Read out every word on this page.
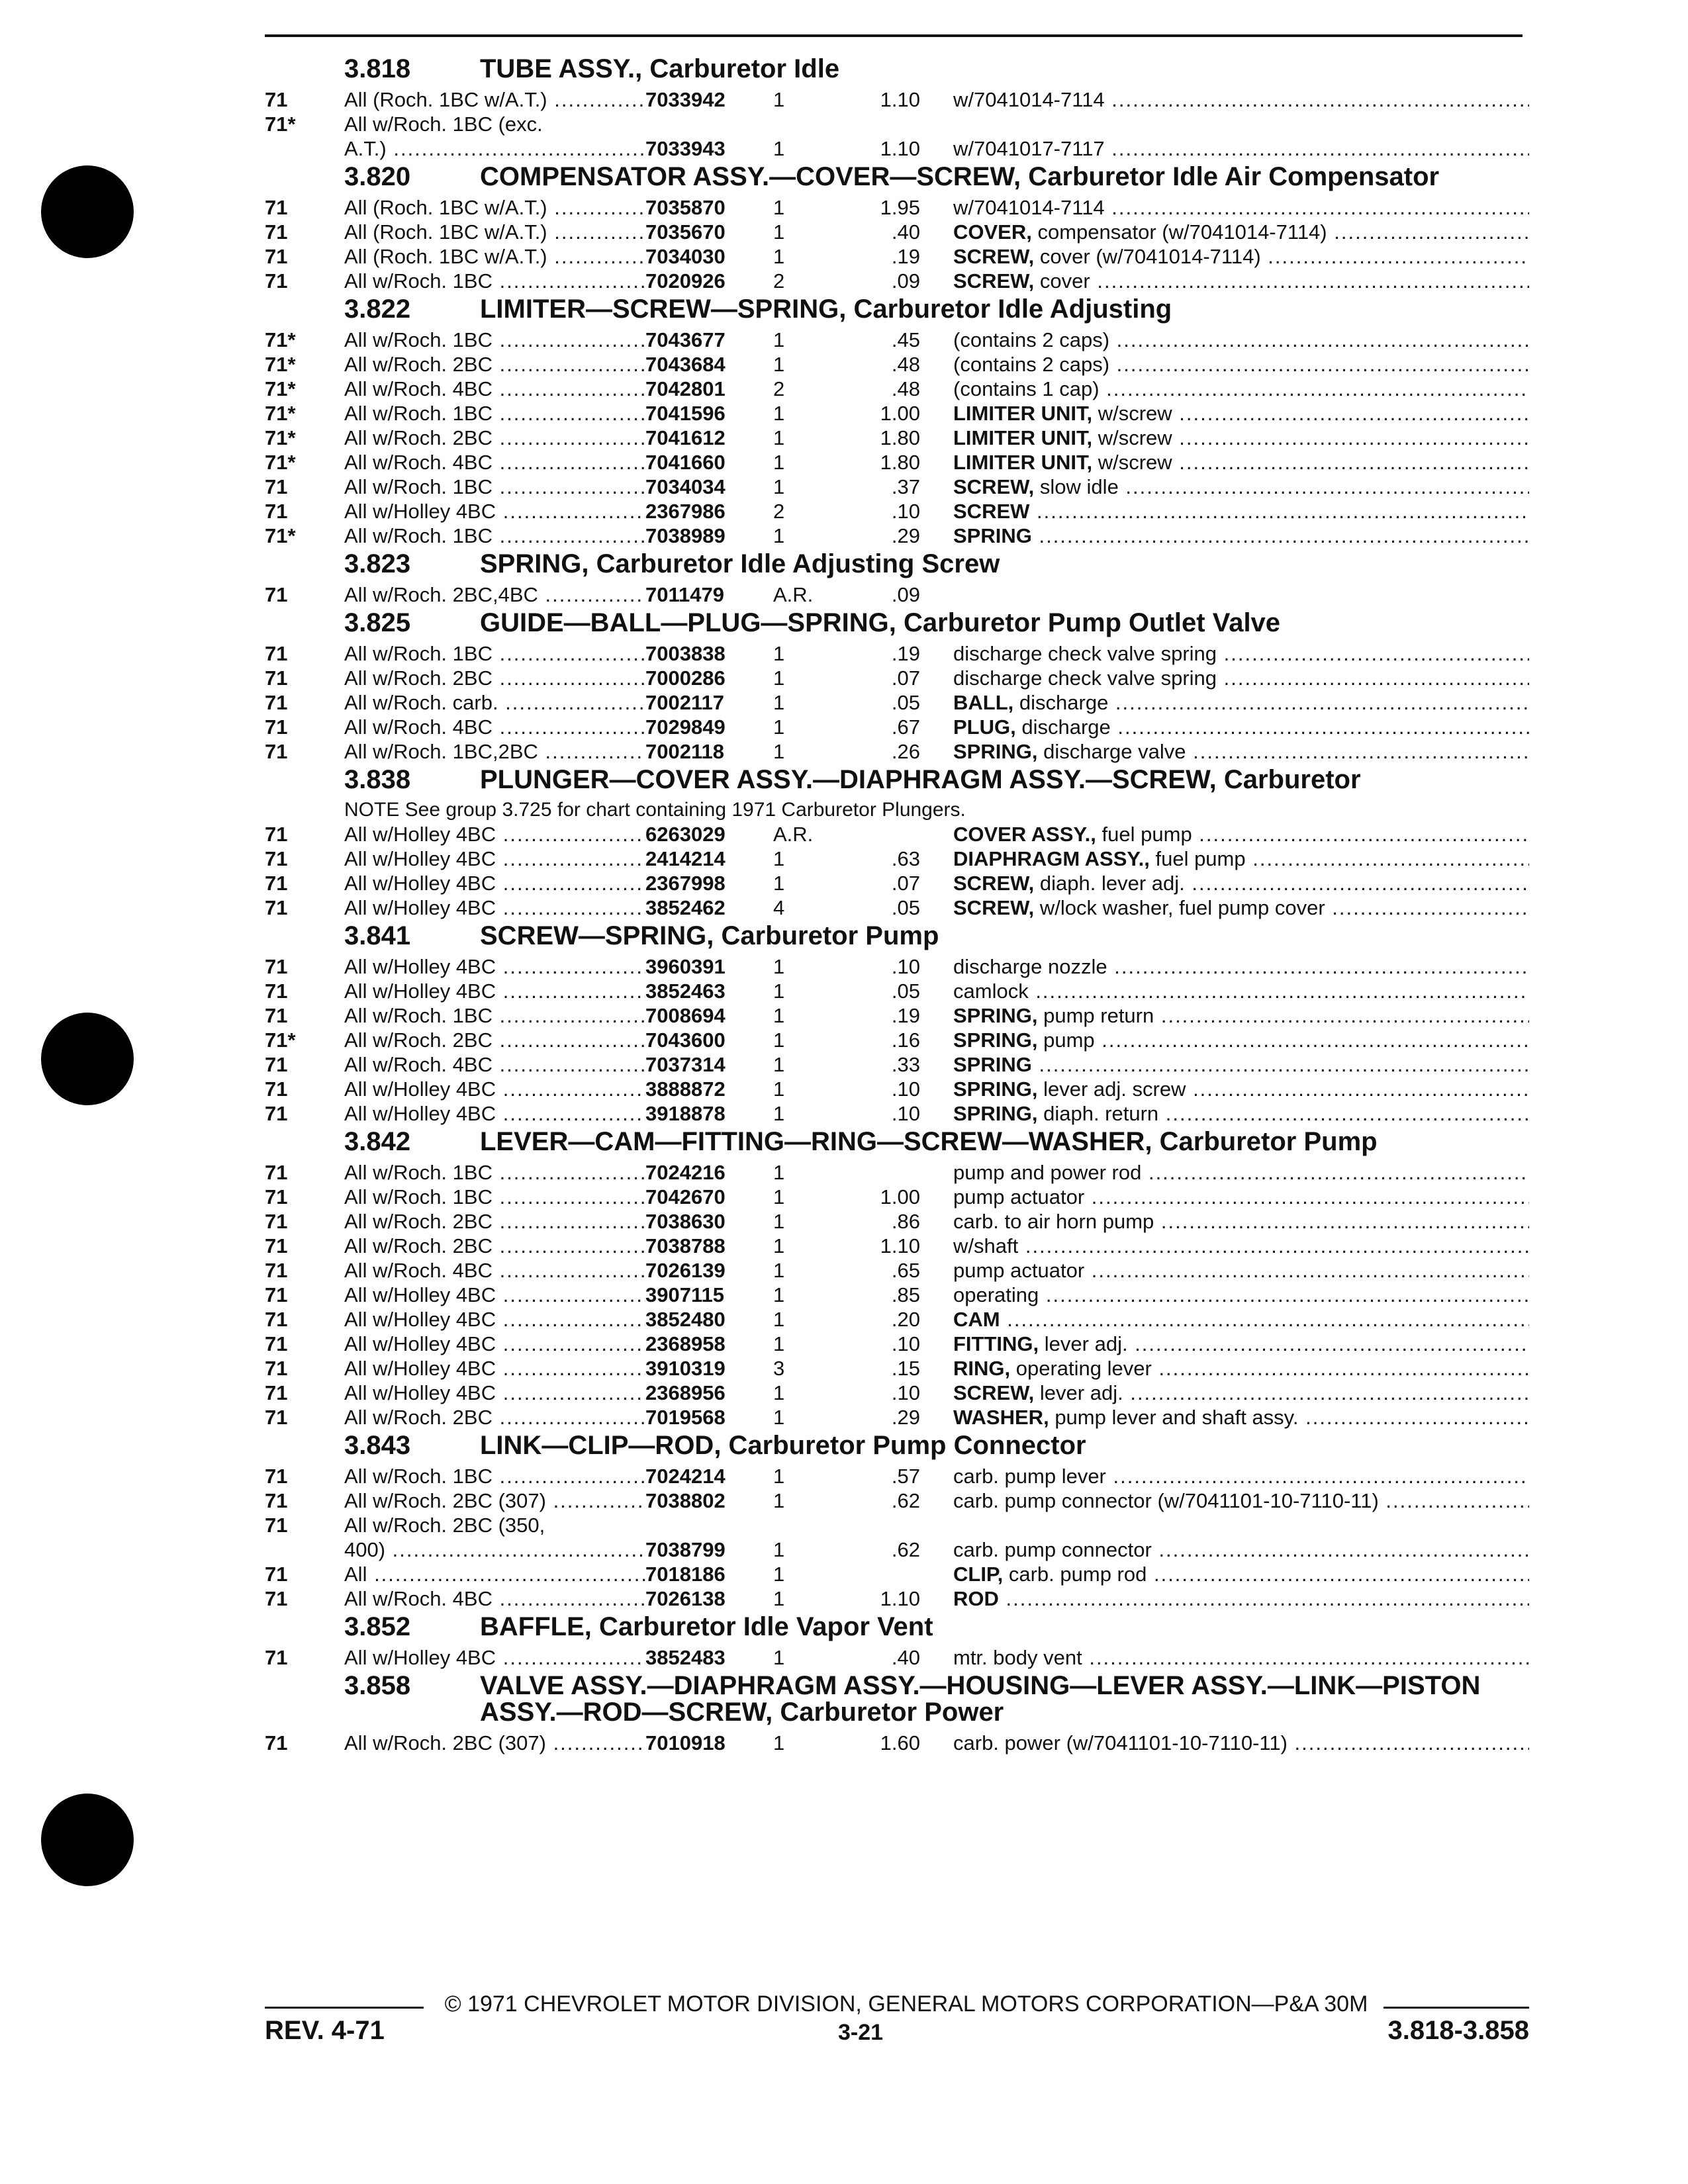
3.818	TUBE ASSY., Carburetor Idle
71	All (Roch. 1BC w/A.T.) .....	7033942 1	1.10 w/7041014-7114 .....
71* All w/Roch. 1BC (exc.
A.T.) .....	7033943 1	1.10 w/7041017-7117 .....
3.820	COMPENSATOR ASSY.—COVER—SCREW, Carburetor Idle Air Compensator
71	All (Roch. 1BC w/A.T.) .....	7035870 1	1.95 w/7041014-7114 .....
71	All (Roch. 1BC w/A.T.) .....	7035670 1	.40 COVER, compensator (w/7041014-7114) .....
71	All (Roch. 1BC w/A.T.) .....	7034030 1	.19 SCREW, cover (w/7041014-7114) .....
71	All w/Roch. 1BC .....	7020926 2	.09 SCREW, cover .....
3.822	LIMITER—SCREW—SPRING, Carburetor Idle Adjusting
71* All w/Roch. 1BC .....	7043677 1	.45 (contains 2 caps) .....
71* All w/Roch. 2BC .....	7043684 1	.48 (contains 2 caps) .....
71* All w/Roch. 4BC .....	7042801 2	.48 (contains 1 cap) .....
71* All w/Roch. 1BC .....	7041596 1	1.00 LIMITER UNIT, w/screw .....
71* All w/Roch. 2BC .....	7041612 1	1.80 LIMITER UNIT, w/screw .....
71* All w/Roch. 4BC .....	7041660 1	1.80 LIMITER UNIT, w/screw .....
71	All w/Roch. 1BC .....	7034034 1	.37 SCREW, slow idle .....
71	All w/Holley 4BC .....	2367986 2	.10 SCREW .....
71* All w/Roch. 1BC .....	7038989 1	.29 SPRING .....
3.823	SPRING, Carburetor Idle Adjusting Screw
71	All w/Roch. 2BC,4BC .....	7011479 A.R.	.09
3.825	GUIDE—BALL—PLUG—SPRING, Carburetor Pump Outlet Valve
71	All w/Roch. 1BC .....	7003838 1	.19 discharge check valve spring .....
71	All w/Roch. 2BC .....	7000286 1	.07 discharge check valve spring .....
71	All w/Roch. carb. .....	7002117 1	.05 BALL, discharge .....
71	All w/Roch. 4BC .....	7029849 1	.67 PLUG, discharge .....
71	All w/Roch. 1BC,2BC .....	7002118 1	.26 SPRING, discharge valve .....
3.838	PLUNGER—COVER ASSY.—DIAPHRAGM ASSY.—SCREW, Carburetor
NOTE See group 3.725 for chart containing 1971 Carburetor Plungers.
71	All w/Holley 4BC .....	6263029 A.R.	COVER ASSY., fuel pump .....
71	All w/Holley 4BC .....	2414214 1	.63 DIAPHRAGM ASSY., fuel pump .....
71	All w/Holley 4BC .....	2367998 1	.07 SCREW, diaph. lever adj. .....
71	All w/Holley 4BC .....	3852462 4	.05 SCREW, w/lock washer, fuel pump cover .....
3.841	SCREW—SPRING, Carburetor Pump
71	All w/Holley 4BC .....	3960391 1	.10 discharge nozzle .....
71	All w/Holley 4BC .....	3852463 1	.05 camlock .....
71	All w/Roch. 1BC .....	7008694 1	.19 SPRING, pump return .....
71* All w/Roch. 2BC .....	7043600 1	.16 SPRING, pump .....
71	All w/Roch. 4BC .....	7037314 1	.33 SPRING .....
71	All w/Holley 4BC .....	3888872 1	.10 SPRING, lever adj. screw .....
71	All w/Holley 4BC .....	3918878 1	.10 SPRING, diaph. return .....
3.842	LEVER—CAM—FITTING—RING—SCREW—WASHER, Carburetor Pump
71	All w/Roch. 1BC .....	7024216 1	pump and power rod .....
71	All w/Roch. 1BC .....	7042670 1	1.00 pump actuator .....
71	All w/Roch. 2BC .....	7038630 1	.86 carb. to air horn pump .....
71	All w/Roch. 2BC .....	7038788 1	1.10 w/shaft .....
71	All w/Roch. 4BC .....	7026139 1	.65 pump actuator .....
71	All w/Holley 4BC .....	3907115 1	.85 operating .....
71	All w/Holley 4BC .....	3852480 1	.20 CAM .....
71	All w/Holley 4BC .....	2368958 1	.10 FITTING, lever adj. .....
71	All w/Holley 4BC .....	3910319 3	.15 RING, operating lever .....
71	All w/Holley 4BC .....	2368956 1	.10 SCREW, lever adj. .....
71	All w/Roch. 2BC .....	7019568 1	.29 WASHER, pump lever and shaft assy. .....
3.843	LINK—CLIP—ROD, Carburetor Pump Connector
71	All w/Roch. 1BC .....	7024214 1	.57 carb. pump lever .....
71	All w/Roch. 2BC (307) .....	7038802 1	.62 carb. pump connector (w/7041101-10-7110-11) .....
71	All w/Roch. 2BC (350,
400) .....	7038799 1	.62 carb. pump connector .....
71	All .....	7018186 1	CLIP, carb. pump rod .....
71	All w/Roch. 4BC .....	7026138 1	1.10 ROD .....
3.852	BAFFLE, Carburetor Idle Vapor Vent
71	All w/Holley 4BC .....	3852483 1	.40 mtr. body vent .....
3.858	VALVE ASSY.—DIAPHRAGM ASSY.—HOUSING—LEVER ASSY.—LINK—PISTON ASSY.—ROD—SCREW, Carburetor Power
71	All w/Roch. 2BC (307) .....	7010918 1	1.60 carb. power (w/7041101-10-7110-11) .....
© 1971 CHEVROLET MOTOR DIVISION, GENERAL MOTORS CORPORATION—P&A 30M
REV. 4-71	3-21	3.818-3.858
